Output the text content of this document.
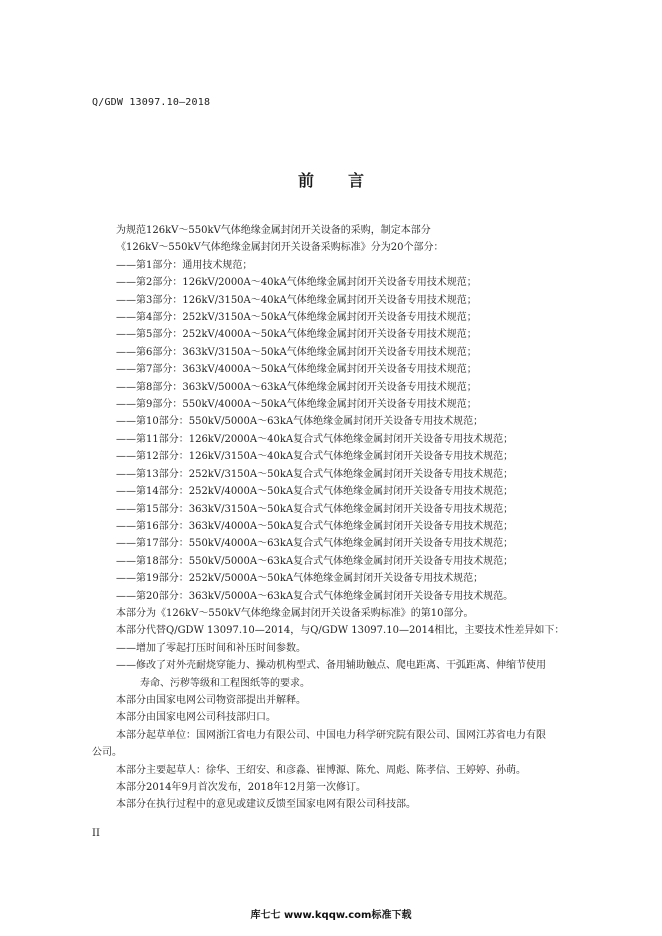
Q/GDW 13097.10—2018
前 言
为规范126kV～550kV气体绝缘金属封闭开关设备的采购，制定本部分
《126kV～550kV气体绝缘金属封闭开关设备采购标准》分为20个部分：
——第1部分：通用技术规范；
——第2部分：126kV/2000A～40kA气体绝缘金属封闭开关设备专用技术规范；
——第3部分：126kV/3150A～40kA气体绝缘金属封闭开关设备专用技术规范；
——第4部分：252kV/3150A～50kA气体绝缘金属封闭开关设备专用技术规范；
——第5部分：252kV/4000A～50kA气体绝缘金属封闭开关设备专用技术规范；
——第6部分：363kV/3150A～50kA气体绝缘金属封闭开关设备专用技术规范；
——第7部分：363kV/4000A～50kA气体绝缘金属封闭开关设备专用技术规范；
——第8部分：363kV/5000A～63kA气体绝缘金属封闭开关设备专用技术规范；
——第9部分：550kV/4000A～50kA气体绝缘金属封闭开关设备专用技术规范；
——第10部分：550kV/5000A～63kA气体绝缘金属封闭开关设备专用技术规范；
——第11部分：126kV/2000A～40kA复合式气体绝缘金属封闭开关设备专用技术规范；
——第12部分：126kV/3150A～40kA复合式气体绝缘金属封闭开关设备专用技术规范；
——第13部分：252kV/3150A～50kA复合式气体绝缘金属封闭开关设备专用技术规范；
——第14部分：252kV/4000A～50kA复合式气体绝缘金属封闭开关设备专用技术规范；
——第15部分：363kV/3150A～50kA复合式气体绝缘金属封闭开关设备专用技术规范；
——第16部分：363kV/4000A～50kA复合式气体绝缘金属封闭开关设备专用技术规范；
——第17部分：550kV/4000A～63kA复合式气体绝缘金属封闭开关设备专用技术规范；
——第18部分：550kV/5000A～63kA复合式气体绝缘金属封闭开关设备专用技术规范；
——第19部分：252kV/5000A～50kA气体绝缘金属封闭开关设备专用技术规范；
——第20部分：363kV/5000A～63kA复合式气体绝缘金属封闭开关设备专用技术规范。
本部分为《126kV～550kV气体绝缘金属封闭开关设备采购标准》的第10部分。
本部分代替Q/GDW 13097.10—2014，与Q/GDW 13097.10—2014相比，主要技术性差异如下：
——增加了零起打压时间和补压时间参数。
——修改了对外壳耐烧穿能力、操动机构型式、备用辅助触点、爬电距离、干弧距离、伸缩节使用
寿命、污秽等级和工程图纸等的要求。
本部分由国家电网公司物资部提出并解释。
本部分由国家电网公司科技部归口。
本部分起草单位：国网浙江省电力有限公司、中国电力科学研究院有限公司、国网江苏省电力有限
公司。
本部分主要起草人：徐华、王绍安、和彦淼、崔博源、陈允、周彪、陈孝信、王婷婷、孙萌。
本部分2014年9月首次发布，2018年12月第一次修订。
本部分在执行过程中的意见或建议反馈至国家电网有限公司科技部。
II
库七七 www.kqqw.com标准下载
